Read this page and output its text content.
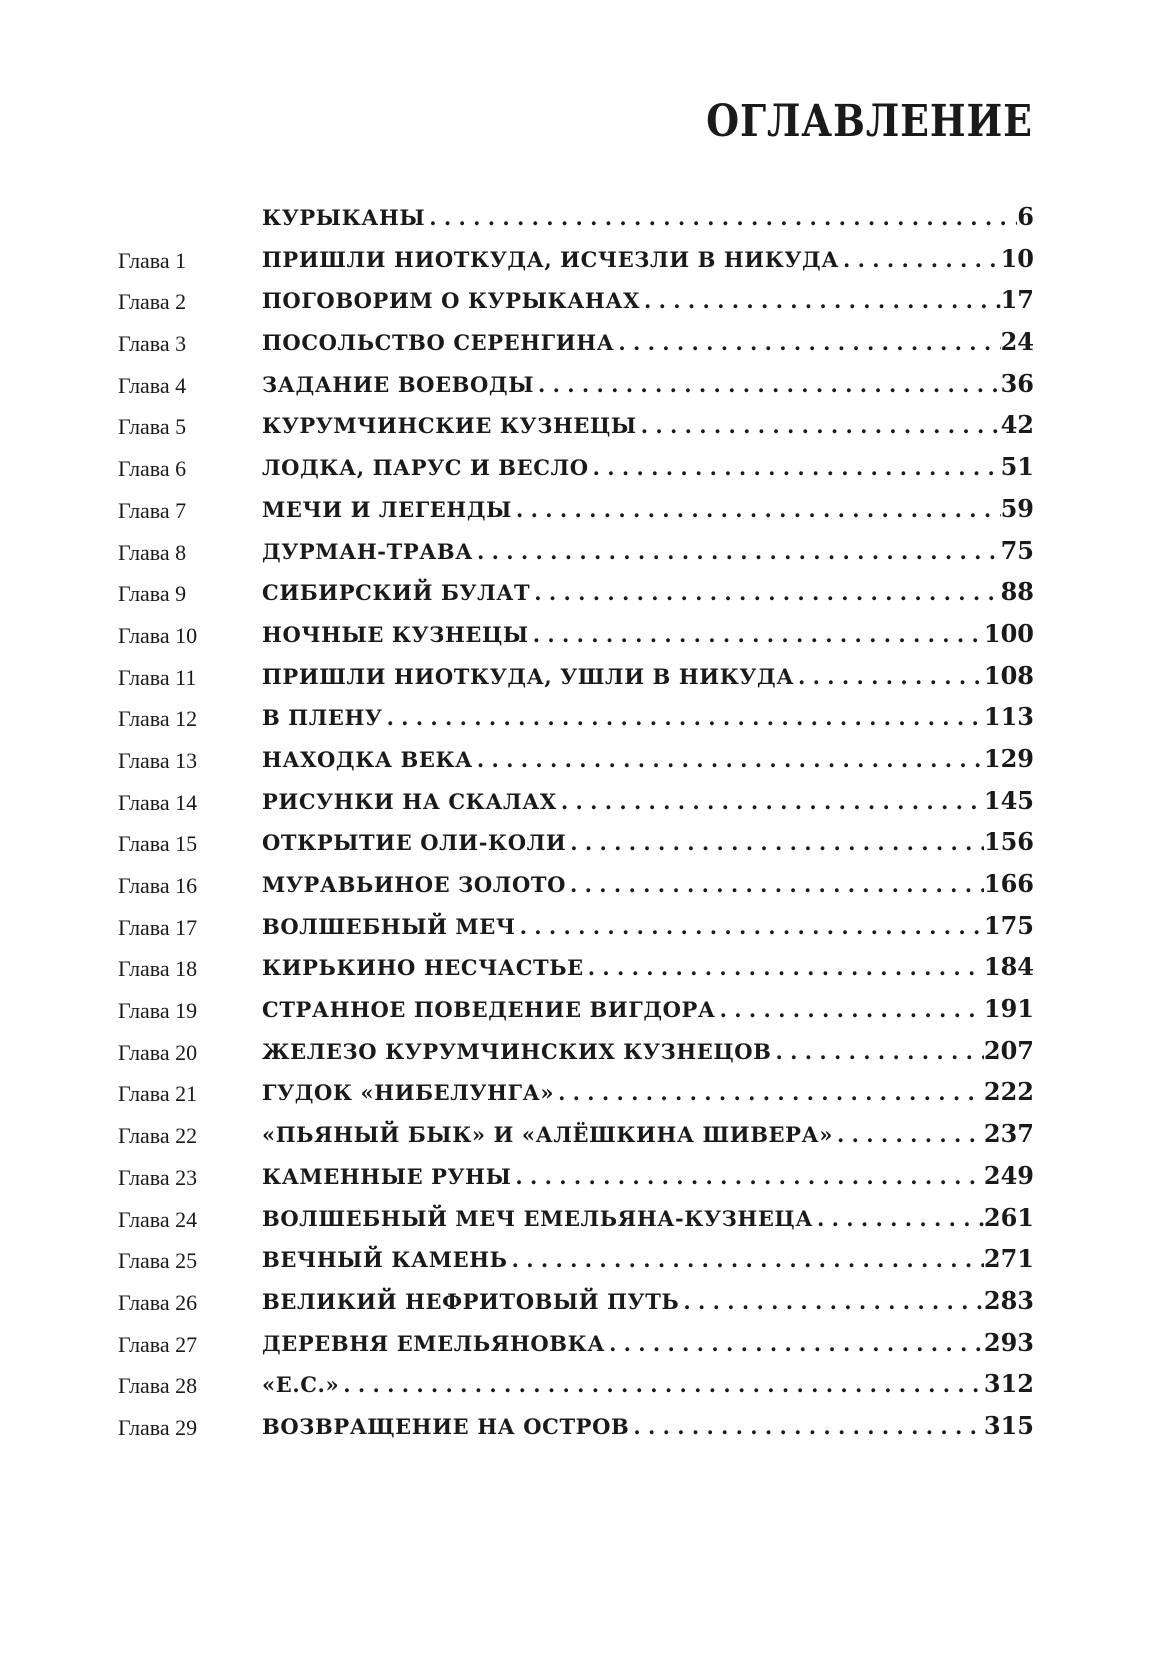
ОГЛАВЛЕНИЕ
КУРЫКАНЫ . . .	6
Глава 1	ПРИШЛИ НИОТКУДА, ИСЧЕЗЛИ В НИКУДА . . .	10
Глава 2	ПОГОВОРИМ О КУРЫКАНАХ . . .	17
Глава 3	ПОСОЛЬСТВО СЕРЕНГИНА . . .	24
Глава 4	ЗАДАНИЕ ВОЕВОДЫ . . .	36
Глава 5	КУРУМЧИНСКИЕ КУЗНЕЦЫ . . .	42
Глава 6	ЛОДКА, ПАРУС И ВЕСЛО . . .	51
Глава 7	МЕЧИ И ЛЕГЕНДЫ . . .	59
Глава 8	ДУРМАН-ТРАВА . . .	75
Глава 9	СИБИРСКИЙ БУЛАТ . . .	88
Глава 10	НОЧНЫЕ КУЗНЕЦЫ . . .	100
Глава 11	ПРИШЛИ НИОТКУДА, УШЛИ В НИКУДА . . .	108
Глава 12	В ПЛЕНУ . . .	113
Глава 13	НАХОДКА ВЕКА . . .	129
Глава 14	РИСУНКИ НА СКАЛАХ . . .	145
Глава 15	ОТКРЫТИЕ ОЛИ-КОЛИ . . .	156
Глава 16	МУРАВЬИНОЕ ЗОЛОТО . . .	166
Глава 17	ВОЛШЕБНЫЙ МЕЧ . . .	175
Глава 18	КИРЬКИНО НЕСЧАСТЬЕ . . .	184
Глава 19	СТРАННОЕ ПОВЕДЕНИЕ ВИГДОРА . . .	191
Глава 20	ЖЕЛЕЗО КУРУМЧИНСКИХ КУЗНЕЦОВ . . .	207
Глава 21	ГУДОК «НИБЕЛУНГА» . . .	222
Глава 22	«ПЬЯНЫЙ БЫК» И «АЛЁШКИНА ШИВЕРА» . . .	237
Глава 23	КАМЕННЫЕ РУНЫ . . .	249
Глава 24	ВОЛШЕБНЫЙ МЕЧ ЕМЕЛЬЯНА-КУЗНЕЦА . . .	261
Глава 25	ВЕЧНЫЙ КАМЕНЬ . . .	271
Глава 26	ВЕЛИКИЙ НЕФРИТОВЫЙ ПУТЬ . . .	283
Глава 27	ДЕРЕВНЯ ЕМЕЛЬЯНОВКА . . .	293
Глава 28	«Е.С.» . . .	312
Глава 29	ВОЗВРАЩЕНИЕ НА ОСТРОВ . . .	315
